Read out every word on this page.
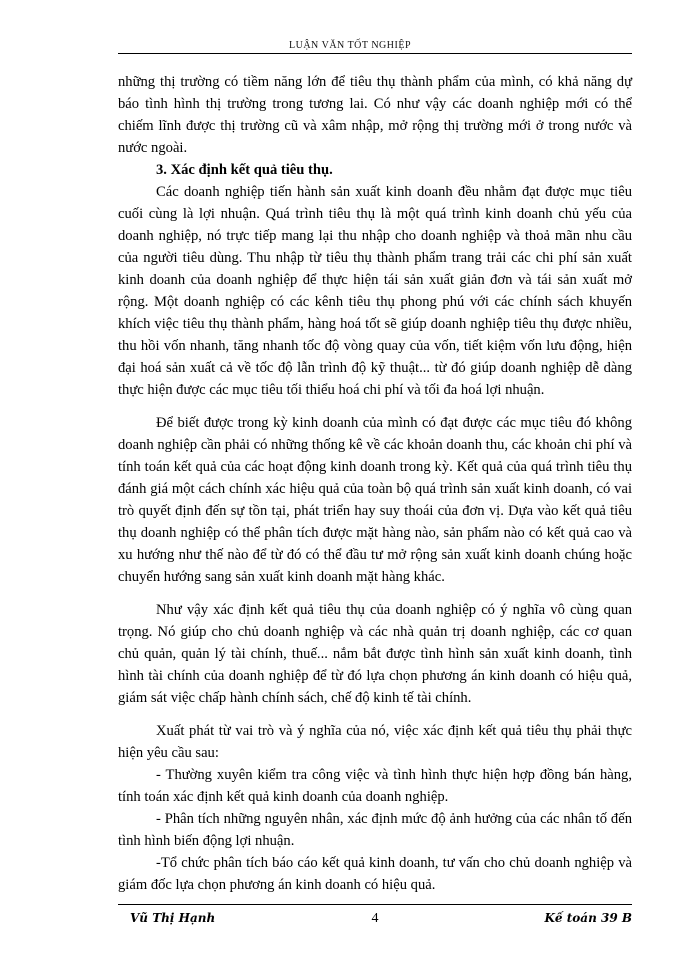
LUẬN VĂN TỐT NGHIỆP

những thị trường có tiềm năng lớn để tiêu thụ thành phẩm của mình, có khả năng dự báo tình hình thị trường trong tương lai. Có như vậy các doanh nghiệp mới có thể chiếm lĩnh được thị trường cũ và xâm nhập, mở rộng thị trường mới ở trong nước và nước ngoài.

3. Xác định kết quả tiêu thụ.

Các doanh nghiệp tiến hành sản xuất kinh doanh đều nhằm đạt được mục tiêu cuối cùng là lợi nhuận. Quá trình tiêu thụ là một quá trình kinh doanh chủ yếu của doanh nghiệp, nó trực tiếp mang lại thu nhập cho doanh nghiệp và thoả mãn nhu cầu của người tiêu dùng. Thu nhập từ tiêu thụ thành phẩm trang trải các chi phí sản xuất kinh doanh của doanh nghiệp để thực hiện tái sản xuất giản đơn và tái sản xuất mở rộng. Một doanh nghiệp có các kênh tiêu thụ phong phú với các chính sách khuyến khích việc tiêu thụ thành phẩm, hàng hoá tốt sẽ giúp doanh nghiệp tiêu thụ được nhiều, thu hồi vốn nhanh, tăng nhanh tốc độ vòng quay của vốn, tiết kiệm vốn lưu động, hiện đại hoá sản xuất cả về tốc độ lẫn trình độ kỹ thuật... từ đó giúp doanh nghiệp dễ dàng thực hiện được các mục tiêu tối thiểu hoá chi phí và tối đa hoá lợi nhuận.

Để biết được trong kỳ kinh doanh của mình có đạt được các mục tiêu đó không doanh nghiệp cần phải có những thống kê về các khoản doanh thu, các khoản chi phí và tính toán kết quả của các hoạt động kinh doanh trong kỳ. Kết quả của quá trình tiêu thụ đánh giá một cách chính xác hiệu quả của toàn bộ quá trình sản xuất kinh doanh, có vai trò quyết định đến sự tồn tại, phát triển hay suy thoái của đơn vị. Dựa vào kết quả tiêu thụ doanh nghiệp có thể phân tích được mặt hàng nào, sản phẩm nào có kết quả cao và xu hướng như thế nào để từ đó có thể đầu tư mở rộng sản xuất kinh doanh chúng hoặc chuyển hướng sang sản xuất kinh doanh mặt hàng khác.

Như vậy xác định kết quả tiêu thụ của doanh nghiệp có ý nghĩa vô cùng quan trọng. Nó giúp cho chủ doanh nghiệp và các nhà quản trị doanh nghiệp, các cơ quan chủ quản, quản lý tài chính, thuế... nắm bắt được tình hình sản xuất kinh doanh, tình hình tài chính của doanh nghiệp để từ đó lựa chọn phương án kinh doanh có hiệu quả, giám sát việc chấp hành chính sách, chế độ kinh tế tài chính.

Xuất phát từ vai trò và ý nghĩa của nó, việc xác định kết quả tiêu thụ phải thực hiện yêu cầu sau:

- Thường xuyên kiểm tra công việc và tình hình thực hiện hợp đồng bán hàng, tính toán xác định kết quả kinh doanh của doanh nghiệp.

- Phân tích những nguyên nhân, xác định mức độ ảnh hưởng của các nhân tố đến tình hình biến động lợi nhuận.

-Tổ chức phân tích báo cáo kết quả kinh doanh, tư vấn cho chủ doanh nghiệp và giám đốc lựa chọn phương án kinh doanh có hiệu quả.

Vũ Thị Hạnh	4	Kế toán 39 B
